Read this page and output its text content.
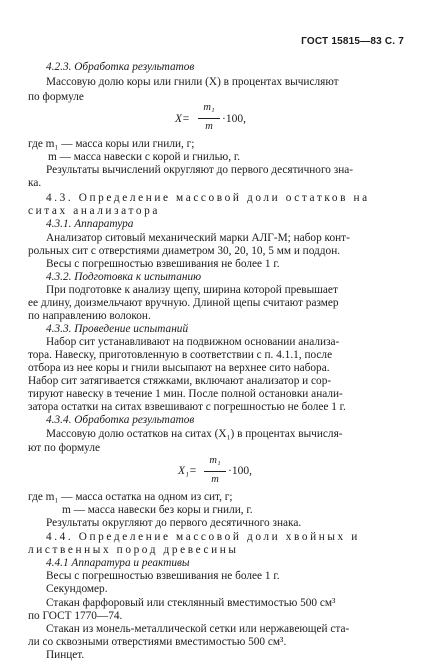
ГОСТ 15815—83 С. 7
4.2.3. Обработка результатов
Массовую долю коры или гнили (X) в процентах вычисляют
по формуле
X=
m₁
m
·100,
где m₁ — масса коры или гнили, г;
m — масса навески с корой и гнилью, г.
Результаты вычислений округляют до первого десятичного зна-
ка.
4.3. Определение массовой доли остатков на
ситах анализатора
4.3.1. Аппаратура
Анализатор ситовый механический марки АЛГ-М; набор конт-
рольных сит с отверстиями диаметром 30, 20, 10, 5 мм и поддон.
Весы с погрешностью взвешивания не более 1 г.
4.3.2. Подготовка к испытанию
При подготовке к анализу щепу, ширина которой превышает
ее длину, доизмельчают вручную. Длиной щепы считают размер
по направлению волокон.
4.3.3. Проведение испытаний
Набор сит устанавливают на подвижном основании анализа-
тора. Навеску, приготовленную в соответствии с п. 4.1.1, после
отбора из нее коры и гнили высыпают на верхнее сито набора.
Набор сит затягивается стяжками, включают анализатор и сор-
тируют навеску в течение 1 мин. После полной остановки анали-
затора остатки на ситах взвешивают с погрешностью не более 1 г.
4.3.4. Обработка результатов
Массовую долю остатков на ситах (X₁) в процентах вычисля-
ют по формуле
X₁=
m₁
m
·100,
где m₁ — масса остатка на одном из сит, г;
m — масса навески без коры и гнили, г.
Результаты округляют до первого десятичного знака.
4.4. Определение массовой доли хвойных и
лиственных пород древесины
4.4.1 Аппаратура и реактивы
Весы с погрешностью взвешивания не более 1 г.
Секундомер.
Стакан фарфоровый или стеклянный вместимостью 500 см³
по ГОСТ 1770—74.
Стакан из монель-металлической сетки или нержавеющей ста-
ли со сквозными отверстиями вместимостью 500 см³.
Пинцет.
